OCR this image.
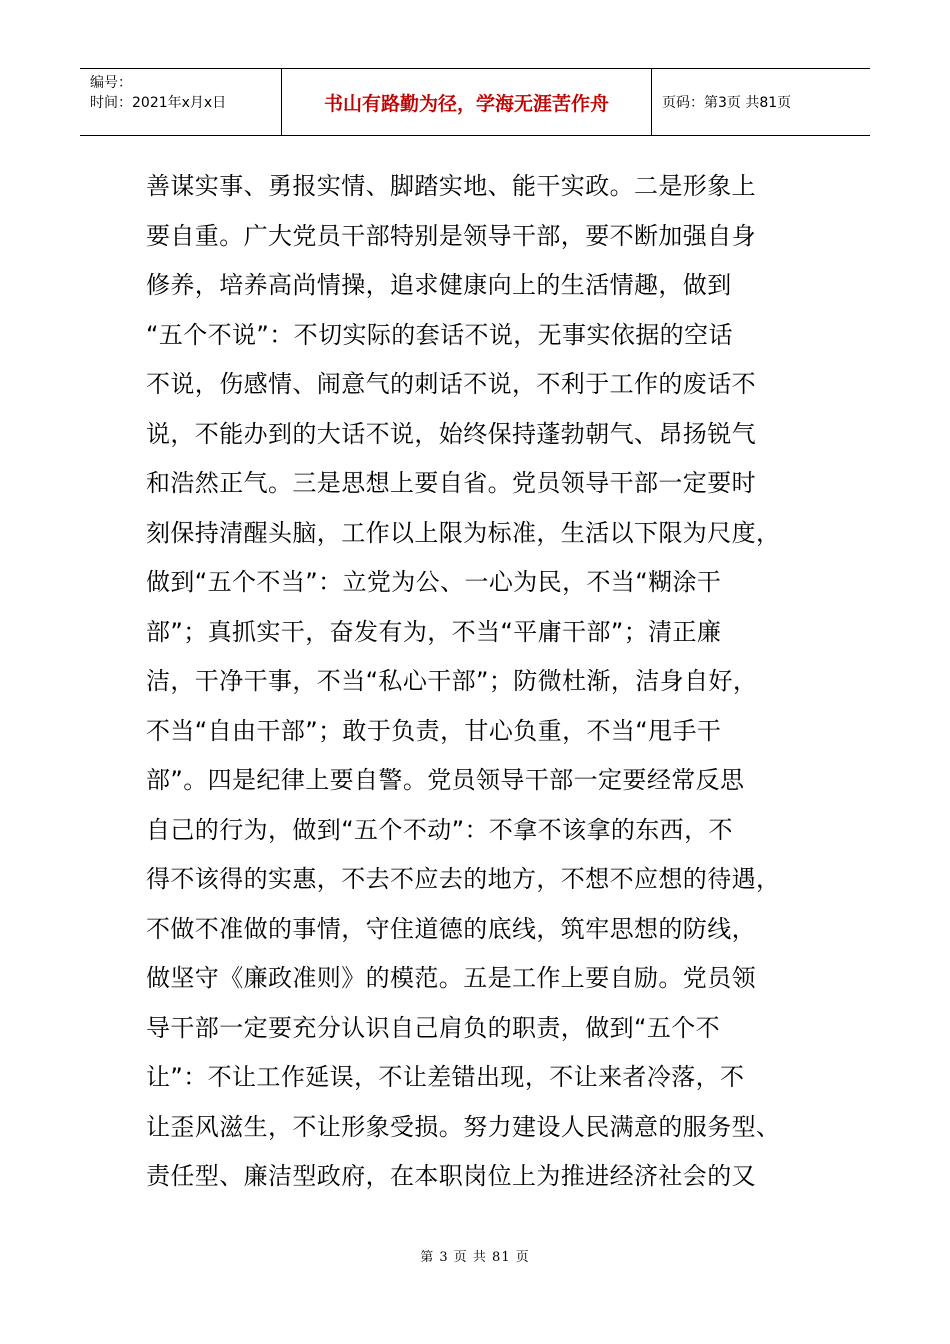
编号：
时间：2021年x月x日	书山有路勤为径，学海无涯苦作舟	页码：第3页 共81页

善谋实事、勇报实情、脚踏实地、能干实政。二是形象上

要自重。广大党员干部特别是领导干部，要不断加强自身

修养，培养高尚情操，追求健康向上的生活情趣，做到

“五个不说”：不切实际的套话不说，无事实依据的空话

不说，伤感情、闹意气的刺话不说，不利于工作的废话不

说，不能办到的大话不说，始终保持蓬勃朝气、昂扬锐气

和浩然正气。三是思想上要自省。党员领导干部一定要时

刻保持清醒头脑，工作以上限为标准，生活以下限为尺度，

做到“五个不当”：立党为公、一心为民，不当“糊涂干

部”；真抓实干，奋发有为，不当“平庸干部”；清正廉

洁，干净干事，不当“私心干部”；防微杜渐，洁身自好，

不当“自由干部”；敢于负责，甘心负重，不当“甩手干

部”。四是纪律上要自警。党员领导干部一定要经常反思

自己的行为，做到“五个不动”：不拿不该拿的东西，不

得不该得的实惠，不去不应去的地方，不想不应想的待遇，

不做不准做的事情，守住道德的底线，筑牢思想的防线，

做坚守《廉政准则》的模范。五是工作上要自励。党员领

导干部一定要充分认识自己肩负的职责，做到“五个不

让”：不让工作延误，不让差错出现，不让来者冷落，不

让歪风滋生，不让形象受损。努力建设人民满意的服务型、

责任型、廉洁型政府，在本职岗位上为推进经济社会的又

第 3 页 共 81 页
